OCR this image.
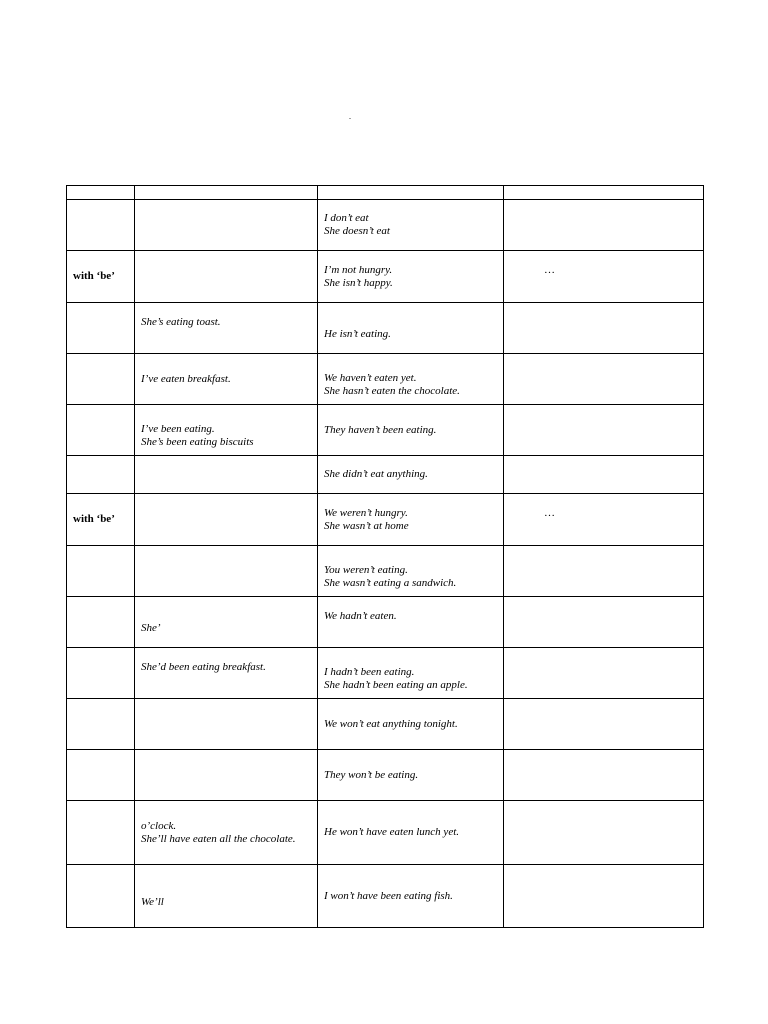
.

		I don’t eat
She doesn’t eat	

with ‘be’		I’m not hungry.
She isn’t happy.	…

	She’s eating toast.	He isn’t eating.	

	I’ve eaten breakfast.	We haven’t eaten yet.
She hasn’t eaten the chocolate.	

	I’ve been eating.
She’s been eating biscuits	They haven’t been eating.	

		She didn’t eat anything.	

with ‘be’		We weren’t hungry.
She wasn’t at home	…

		You weren’t eating.
She wasn’t eating a sandwich.	

	She’	We hadn’t eaten.	

	She’d been eating breakfast.	I hadn’t been eating.
She hadn’t been eating an apple.	

		We won’t eat anything tonight.	

		They won’t be eating.	

	o’clock.
She’ll have eaten all the chocolate.	He won’t have eaten lunch yet.	

	We’ll	I won’t have been eating fish.	
